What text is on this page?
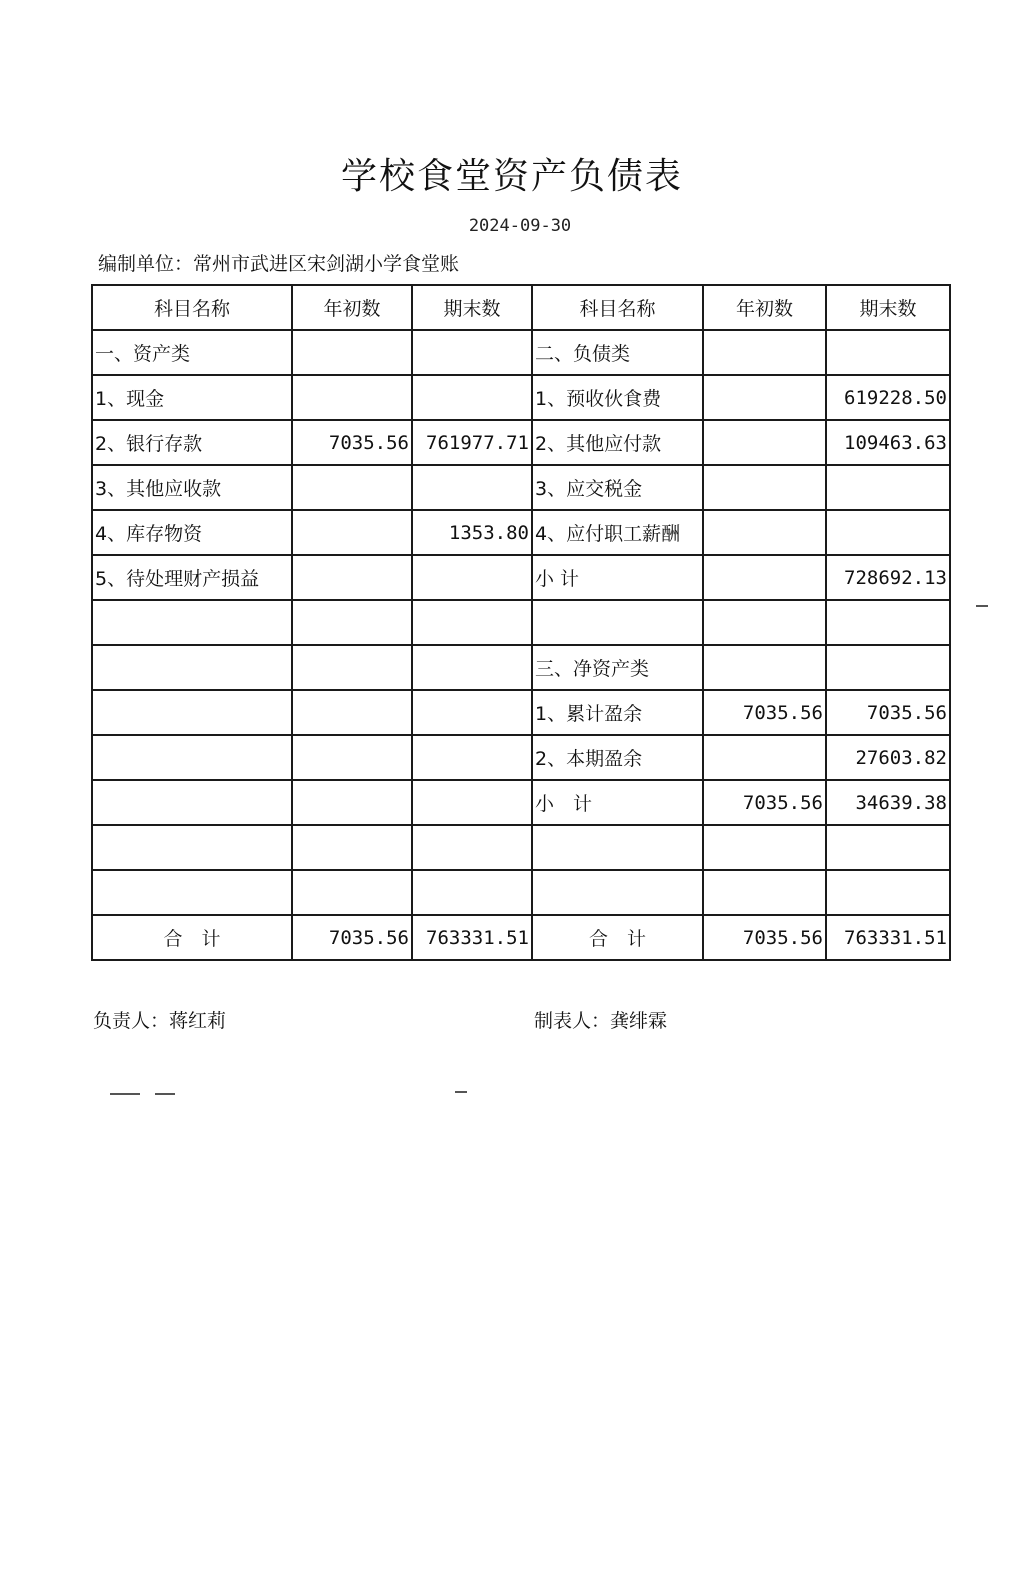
学校食堂资产负债表
2024-09-30
编制单位：常州市武进区宋剑湖小学食堂账
科目名称	年初数	期末数	科目名称	年初数	期末数
一、资产类			二、负债类		
1、现金			1、预收伙食费		619228.50
2、银行存款	7035.56	761977.71	2、其他应付款		109463.63
3、其他应收款			3、应交税金		
4、库存物资		1353.80	4、应付职工薪酬		
5、待处理财产损益			小 计		728692.13

			三、净资产类		
			1、累计盈余	7035.56	7035.56
			2、本期盈余		27603.82
			小　计	7035.56	34639.38

合　计	7035.56	763331.51	合　计	7035.56	763331.51
负责人：蒋红莉	制表人：龚绯霖
